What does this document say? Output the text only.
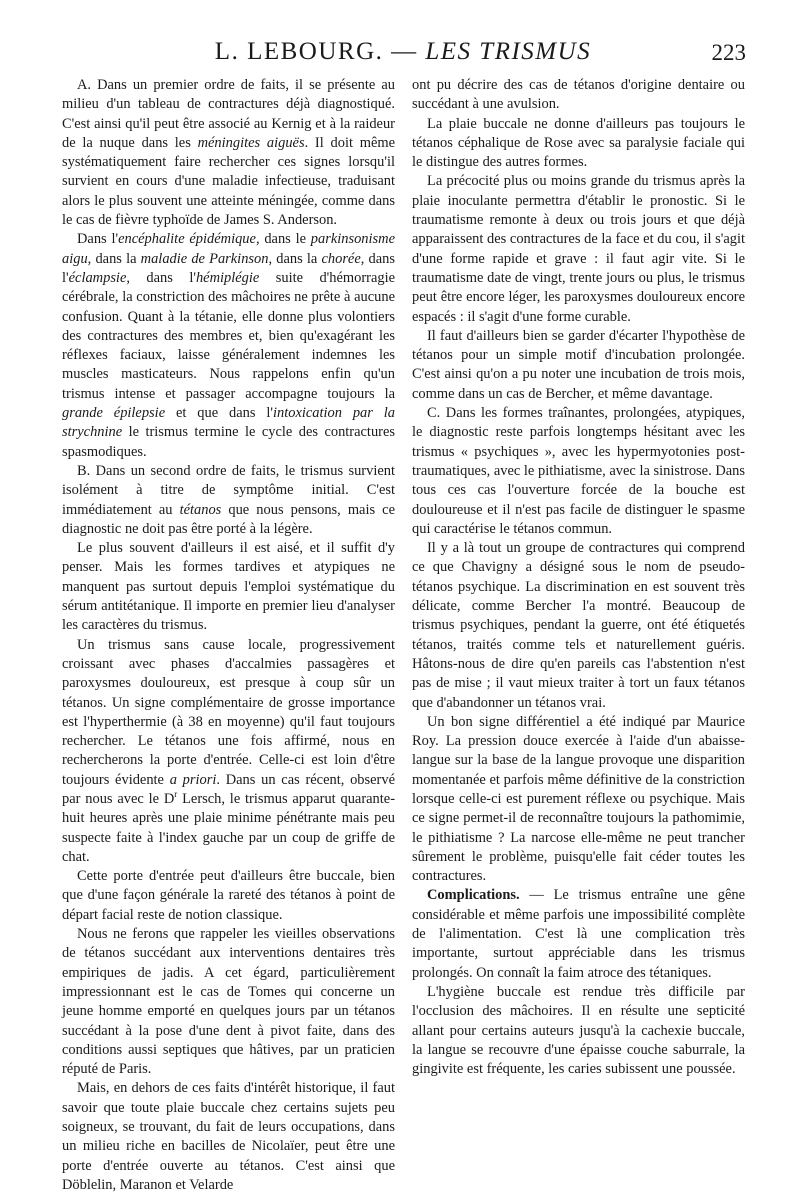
L. LEBOURG. — LES TRISMUS	223

A. Dans un premier ordre de faits, il se présente au milieu d'un tableau de contractures déjà diagnostiqué. C'est ainsi qu'il peut être associé au Kernig et à la raideur de la nuque dans les méningites aiguës. Il doit même systématiquement faire rechercher ces signes lorsqu'il survient en cours d'une maladie infectieuse, traduisant alors le plus souvent une atteinte méningée, comme dans le cas de fièvre typhoïde de James S. Anderson.

Dans l'encéphalite épidémique, dans le parkinsonisme aigu, dans la maladie de Parkinson, dans la chorée, dans l'éclampsie, dans l'hémiplégie suite d'hémorragie cérébrale, la constriction des mâchoires ne prête à aucune confusion. Quant à la tétanie, elle donne plus volontiers des contractures des membres et, bien qu'exagérant les réflexes faciaux, laisse généralement indemnes les muscles masticateurs. Nous rappelons enfin qu'un trismus intense et passager accompagne toujours la grande épilepsie et que dans l'intoxication par la strychnine le trismus termine le cycle des contractures spasmodiques.

B. Dans un second ordre de faits, le trismus survient isolément à titre de symptôme initial. C'est immédiatement au tétanos que nous pensons, mais ce diagnostic ne doit pas être porté à la légère.

Le plus souvent d'ailleurs il est aisé, et il suffit d'y penser. Mais les formes tardives et atypiques ne manquent pas surtout depuis l'emploi systématique du sérum antitétanique. Il importe en premier lieu d'analyser les caractères du trismus.

Un trismus sans cause locale, progressivement croissant avec phases d'accalmies passagères et paroxysmes douloureux, est presque à coup sûr un tétanos. Un signe complémentaire de grosse importance est l'hyperthermie (à 38 en moyenne) qu'il faut toujours rechercher. Le tétanos une fois affirmé, nous en rechercherons la porte d'entrée. Celle-ci est loin d'être toujours évidente a priori. Dans un cas récent, observé par nous avec le $D^r$ Lersch, le trismus apparut quarante-huit heures après une plaie minime pénétrante mais peu suspecte faite à l'index gauche par un coup de griffe de chat.

Cette porte d'entrée peut d'ailleurs être buccale, bien que d'une façon générale la rareté des tétanos à point de départ facial reste de notion classique.

Nous ne ferons que rappeler les vieilles observations de tétanos succédant aux interventions dentaires très empiriques de jadis. A cet égard, particulièrement impressionnant est le cas de Tomes qui concerne un jeune homme emporté en quelques jours par un tétanos succédant à la pose d'une dent à pivot faite, dans des conditions aussi septiques que hâtives, par un praticien réputé de Paris.

Mais, en dehors de ces faits d'intérêt historique, il faut savoir que toute plaie buccale chez certains sujets peu soigneux, se trouvant, du fait de leurs occupations, dans un milieu riche en bacilles de Nicolaïer, peut être une porte d'entrée ouverte au tétanos. C'est ainsi que Döblelin, Maranon et Velarde

ont pu décrire des cas de tétanos d'origine dentaire ou succédant à une avulsion.

La plaie buccale ne donne d'ailleurs pas toujours le tétanos céphalique de Rose avec sa paralysie faciale qui le distingue des autres formes.

La précocité plus ou moins grande du trismus après la plaie inoculante permettra d'établir le pronostic. Si le traumatisme remonte à deux ou trois jours et que déjà apparaissent des contractures de la face et du cou, il s'agit d'une forme rapide et grave : il faut agir vite. Si le traumatisme date de vingt, trente jours ou plus, le trismus peut être encore léger, les paroxysmes douloureux encore espacés : il s'agit d'une forme curable.

Il faut d'ailleurs bien se garder d'écarter l'hypothèse de tétanos pour un simple motif d'incubation prolongée. C'est ainsi qu'on a pu noter une incubation de trois mois, comme dans un cas de Bercher, et même davantage.

C. Dans les formes traînantes, prolongées, atypiques, le diagnostic reste parfois longtemps hésitant avec les trismus « psychiques », avec les hypermyotonies post-traumatiques, avec le pithiatisme, avec la sinistrose. Dans tous ces cas l'ouverture forcée de la bouche est douloureuse et il n'est pas facile de distinguer le spasme qui caractérise le tétanos commun.

Il y a là tout un groupe de contractures qui comprend ce que Chavigny a désigné sous le nom de pseudo-tétanos psychique. La discrimination en est souvent très délicate, comme Bercher l'a montré. Beaucoup de trismus psychiques, pendant la guerre, ont été étiquetés tétanos, traités comme tels et naturellement guéris. Hâtons-nous de dire qu'en pareils cas l'abstention n'est pas de mise ; il vaut mieux traiter à tort un faux tétanos que d'abandonner un tétanos vrai.

Un bon signe différentiel a été indiqué par Maurice Roy. La pression douce exercée à l'aide d'un abaisse-langue sur la base de la langue provoque une disparition momentanée et parfois même définitive de la constriction lorsque celle-ci est purement réflexe ou psychique. Mais ce signe permet-il de reconnaître toujours la pathomimie, le pithiatisme ? La narcose elle-même ne peut trancher sûrement le problème, puisqu'elle fait céder toutes les contractures.

Complications. — Le trismus entraîne une gêne considérable et même parfois une impossibilité complète de l'alimentation. C'est là une complication très importante, surtout appréciable dans les trismus prolongés. On connaît la faim atroce des tétaniques.

L'hygiène buccale est rendue très difficile par l'occlusion des mâchoires. Il en résulte une septicité allant pour certains auteurs jusqu'à la cachexie buccale, la langue se recouvre d'une épaisse couche saburrale, la gingivite est fréquente, les caries subissent une poussée.
